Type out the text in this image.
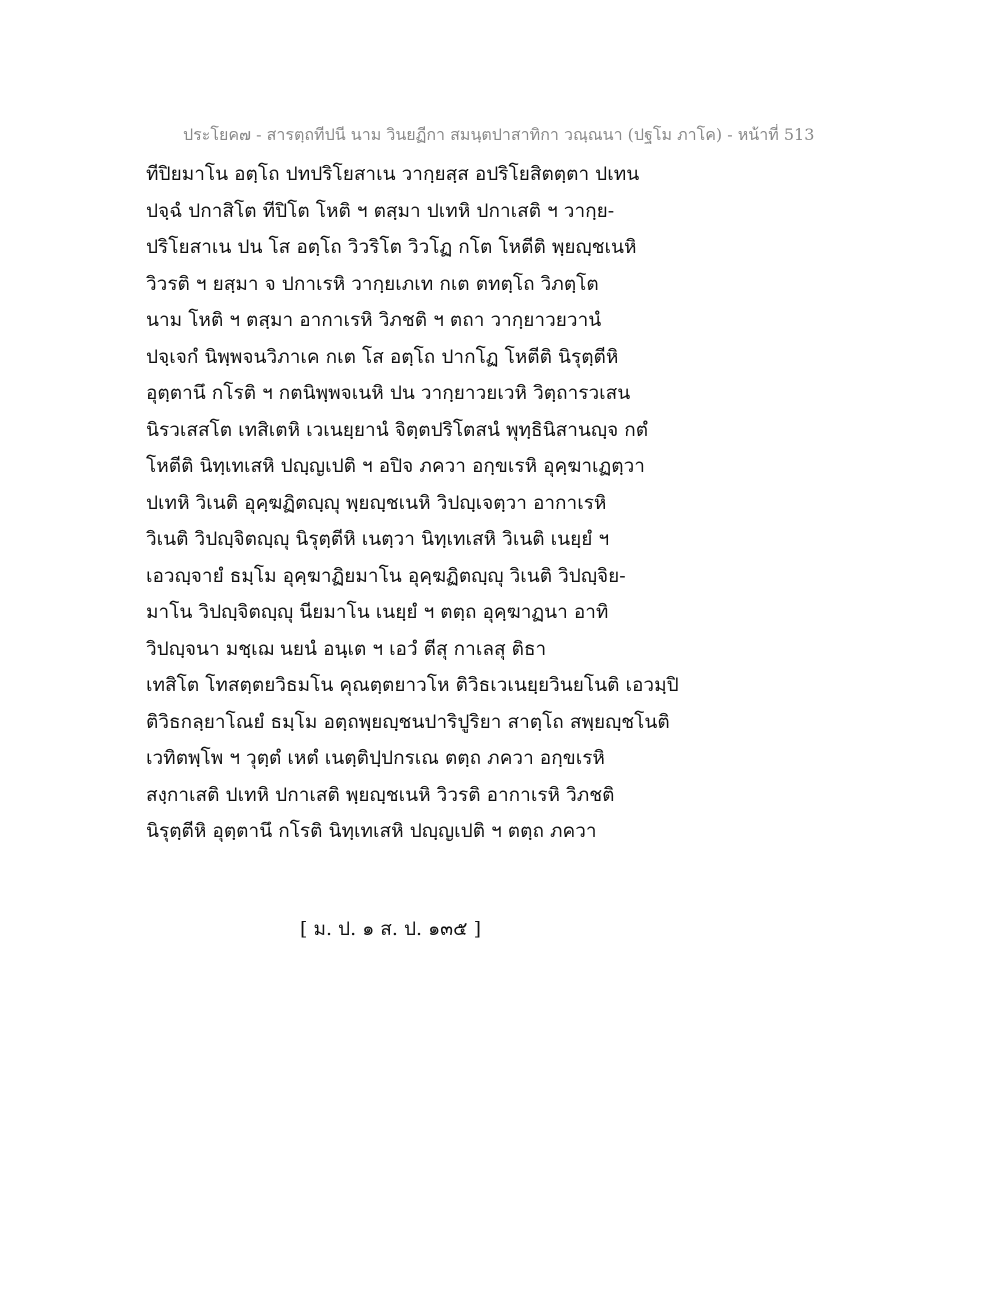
ประโยค๗ - สารตฺถทีปนี นาม วินยฏีกา สมนฺตปาสาทิกา วณฺณนา (ปฐโม ภาโค) - หน้าที่ 513
ทีปิยมาโน อตฺโถ ปทปริโยสาเน วากฺยสฺส อปริโยสิตตฺตา ปเทน
ปจฺฉํ ปกาสิโต ทีปิโต โหติ ฯ ตสฺมา ปเทหิ ปกาเสติ ฯ วากฺย-
ปริโยสาเน ปน โส อตฺโถ วิวริโต วิวโฏ กโต โหตีติ พฺยญฺชเนหิ
วิวรติ ฯ ยสฺมา จ ปกาเรหิ วากฺยเภเท กเต ตทตฺโถ วิภตฺโต
นาม โหติ ฯ ตสฺมา อากาเรหิ วิภชติ ฯ ตถา วากฺยาวยวานํ
ปจฺเจกํ นิพฺพจนวิภาเค กเต โส อตฺโถ ปากโฏ โหตีติ นิรุตฺตีหิ
อุตฺตานึ กโรติ ฯ กตนิพฺพจเนหิ ปน วากฺยาวยเวหิ วิตฺถารวเสน
นิรวเสสโต เทสิเตหิ เวเนยฺยานํ จิตฺตปริโตสนํ พุทฺธินิสานญฺจ กตํ
โหตีติ นิทฺเทเสหิ ปญฺญเปติ ฯ อปิจ ภควา อกฺขเรหิ อุคฺฆาเฏตฺวา
ปเทหิ วิเนติ อุคฺฆฏิตญฺญุ พฺยญฺชเนหิ วิปญฺเจตฺวา อากาเรหิ
วิเนติ วิปญฺจิตญฺญุ นิรุตฺตีหิ เนตฺวา นิทฺเทเสหิ วิเนติ เนยฺยํ ฯ
เอวญฺจายํ ธมฺโม อุคฺฆาฏิยมาโน อุคฺฆฏิตญฺญุ วิเนติ วิปญฺจิย-
มาโน วิปญฺจิตญฺญุ นียมาโน เนยฺยํ ฯ ตตฺถ อุคฺฆาฏนา อาทิ
วิปญฺจนา มชฺเฌ นยนํ อนฺเต ฯ เอวํ ตีสุ กาเลสุ ติธา
เทสิโต โทสตฺตยวิธมโน คุณตฺตยาวโห ติวิธเวเนยฺยวินยโนติ เอวมฺปิ
ติวิธกลฺยาโณยํ ธมฺโม อตฺถพฺยญฺชนปาริปูริยา สาตฺโถ สพฺยญฺชโนติ
เวทิตพฺโพ ฯ วุตฺตํ เหตํ เนตฺติปฺปกรเณ ตตฺถ ภควา อกฺขเรหิ
สงฺกาเสติ ปเทหิ ปกาเสติ พฺยญฺชเนหิ วิวรติ อากาเรหิ วิภชติ
นิรุตฺตีหิ อุตฺตานึ กโรติ นิทฺเทเสหิ ปญฺญเปติ ฯ ตตฺถ ภควา
[ ม. ป. ๑ ส. ป. ๑๓๕ ]
